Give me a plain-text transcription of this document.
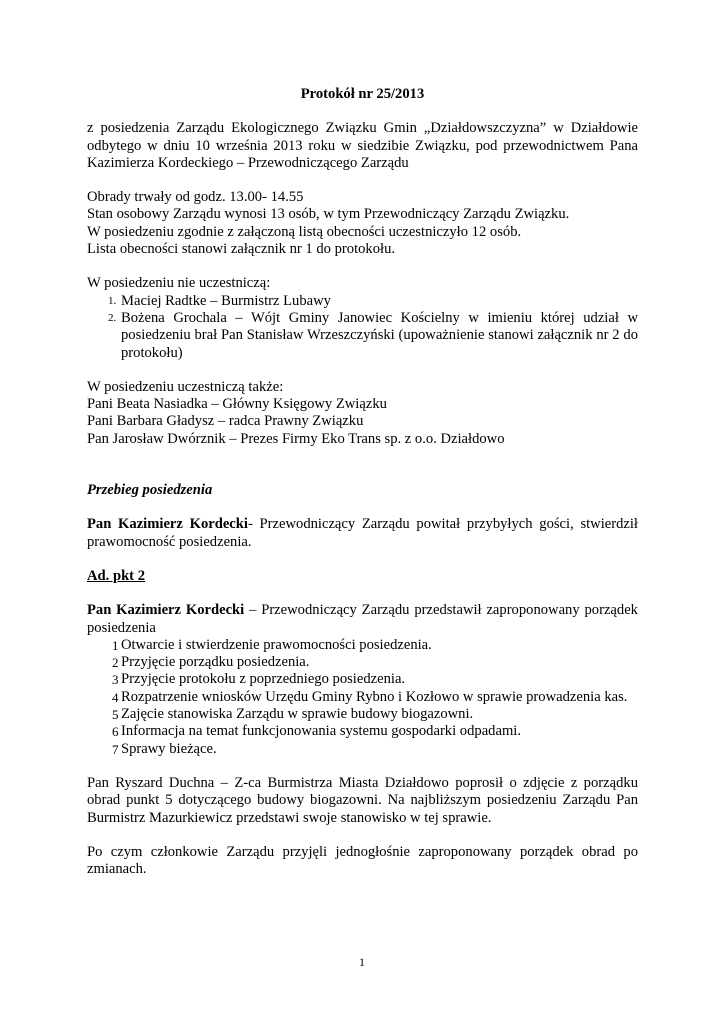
Protokół nr 25/2013

z posiedzenia Zarządu Ekologicznego Związku Gmin „Działdowszczyzna” w Działdowie odbytego w dniu 10 września 2013 roku w siedzibie Związku, pod przewodnictwem Pana Kazimierza Kordeckiego – Przewodniczącego Zarządu

Obrady trwały od godz. 13.00- 14.55

Stan osobowy Zarządu wynosi 13 osób, w tym Przewodniczący Zarządu Związku.

W posiedzeniu zgodnie z załączoną listą obecności uczestniczyło 12 osób.

Lista obecności stanowi załącznik nr 1 do protokołu.

W posiedzeniu nie uczestniczą:

1. Maciej Radtke – Burmistrz Lubawy
2. Bożena Grochala – Wójt Gminy Janowiec Kościelny w imieniu której udział w posiedzeniu brał Pan Stanisław Wrzeszczyński (upoważnienie stanowi załącznik nr 2 do protokołu)

W posiedzeniu uczestniczą także:

Pani Beata Nasiadka – Główny Księgowy Związku

Pani Barbara Gładysz – radca Prawny Związku

Pan Jarosław Dwórznik – Prezes Firmy Eko Trans sp. z o.o. Działdowo

Przebieg posiedzenia

Pan Kazimierz Kordecki- Przewodniczący Zarządu powitał przybyłych gości, stwierdził prawomocność posiedzenia.

Ad. pkt 2

Pan Kazimierz Kordecki – Przewodniczący Zarządu przedstawił zaproponowany porządek posiedzenia

1 Otwarcie i stwierdzenie prawomocności posiedzenia.
2 Przyjęcie porządku posiedzenia.
3 Przyjęcie protokołu z poprzedniego posiedzenia.
4 Rozpatrzenie wniosków Urzędu Gminy Rybno i Kozłowo w sprawie prowadzenia kas.
5 Zajęcie stanowiska Zarządu w sprawie budowy biogazowni.
6 Informacja na temat funkcjonowania systemu gospodarki odpadami.
7 Sprawy bieżące.

Pan Ryszard Duchna – Z-ca Burmistrza Miasta Działdowo poprosił o zdjęcie z porządku obrad punkt 5 dotyczącego budowy biogazowni. Na najbliższym posiedzeniu Zarządu Pan Burmistrz Mazurkiewicz przedstawi swoje stanowisko w tej sprawie.

Po czym członkowie Zarządu przyjęli jednogłośnie zaproponowany porządek obrad po zmianach.

1
